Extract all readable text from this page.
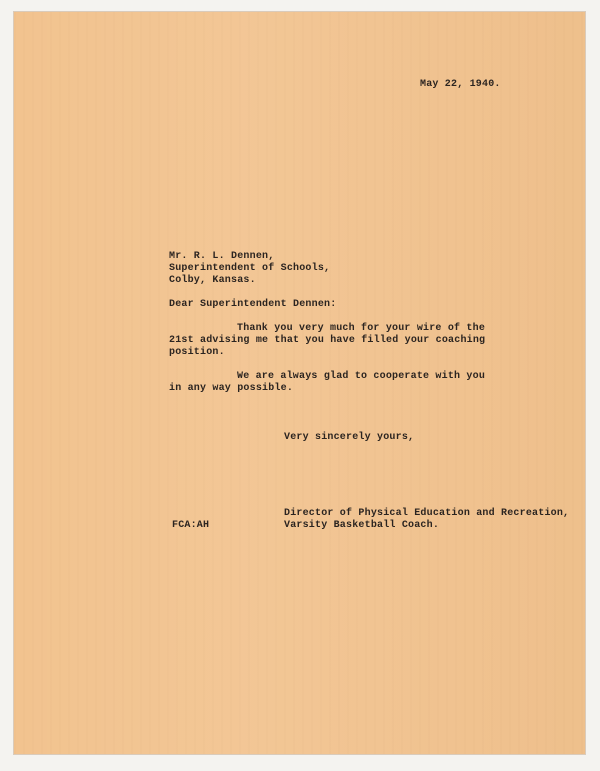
May 22, 1940.

Mr. R. L. Dennen,

Superintendent of Schools,

Colby, Kansas.

Dear Superintendent Dennen:

Thank you very much for your wire of the

21st advising me that you have filled your coaching

position.

We are always glad to cooperate with you

in any way possible.

Very sincerely yours,

Director of Physical Education and Recreation,

Varsity Basketball Coach.

FCA:AH
